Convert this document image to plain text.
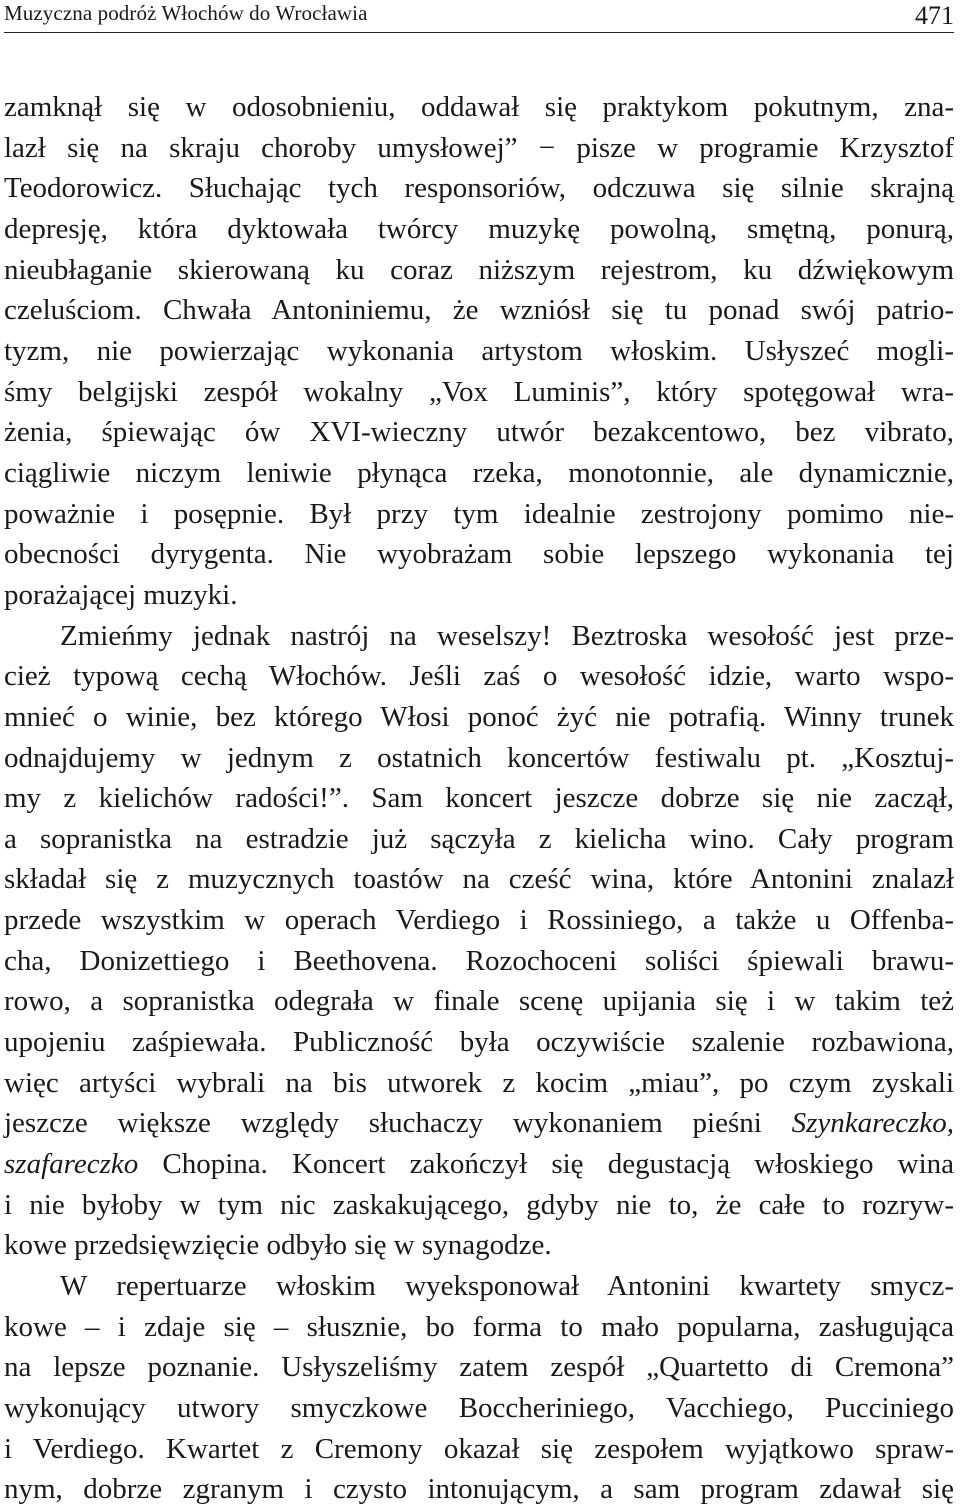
Muzyczna podróż Włochów do Wrocławia	471
zamknął się w odosobnieniu, oddawał się praktykom pokutnym, zna-
lazł się na skraju choroby umysłowej” − pisze w programie Krzysztof
Teodorowicz. Słuchając tych responsoriów, odczuwa się silnie skrajną
depresję, która dyktowała twórcy muzykę powolną, smętną, ponurą,
nieubłaganie skierowaną ku coraz niższym rejestrom, ku dźwiękowym
czeluściom. Chwała Antoniniemu, że wzniósł się tu ponad swój patrio-
tyzm, nie powierzając wykonania artystom włoskim. Usłyszeć mogli-
śmy belgijski zespół wokalny „Vox Luminis”, który spotęgował wra-
żenia, śpiewając ów XVI-wieczny utwór bezakcentowo, bez vibrato,
ciągliwie niczym leniwie płynąca rzeka, monotonnie, ale dynamicznie,
poważnie i posępnie. Był przy tym idealnie zestrojony pomimo nie-
obecności dyrygenta. Nie wyobrażam sobie lepszego wykonania tej
porażającej muzyki.
Zmieńmy jednak nastrój na weselszy! Beztroska wesołość jest prze-
cież typową cechą Włochów. Jeśli zaś o wesołość idzie, warto wspo-
mnieć o winie, bez którego Włosi ponoć żyć nie potrafią. Winny trunek
odnajdujemy w jednym z ostatnich koncertów festiwalu pt. „Kosztuj-
my z kielichów radości!”. Sam koncert jeszcze dobrze się nie zaczął,
a sopranistka na estradzie już sączyła z kielicha wino. Cały program
składał się z muzycznych toastów na cześć wina, które Antonini znalazł
przede wszystkim w operach Verdiego i Rossiniego, a także u Offenba-
cha, Donizettiego i Beethovena. Rozochoceni soliści śpiewali brawu-
rowo, a sopranistka odegrała w finale scenę upijania się i w takim też
upojeniu zaśpiewała. Publiczność była oczywiście szalenie rozbawiona,
więc artyści wybrali na bis utworek z kocim „miau”, po czym zyskali
jeszcze większe względy słuchaczy wykonaniem pieśni Szynkareczko,
szafareczko Chopina. Koncert zakończył się degustacją włoskiego wina
i nie byłoby w tym nic zaskakującego, gdyby nie to, że całe to rozryw-
kowe przedsięwzięcie odbyło się w synagodze.
W repertuarze włoskim wyeksponował Antonini kwartety smycz-
kowe – i zdaje się – słusznie, bo forma to mało popularna, zasługująca
na lepsze poznanie. Usłyszeliśmy zatem zespół „Quartetto di Cremona”
wykonujący utwory smyczkowe Boccheriniego, Vacchiego, Pucciniego
i Verdiego. Kwartet z Cremony okazał się zespołem wyjątkowo spraw-
nym, dobrze zgranym i czysto intonującym, a sam program zdawał się
